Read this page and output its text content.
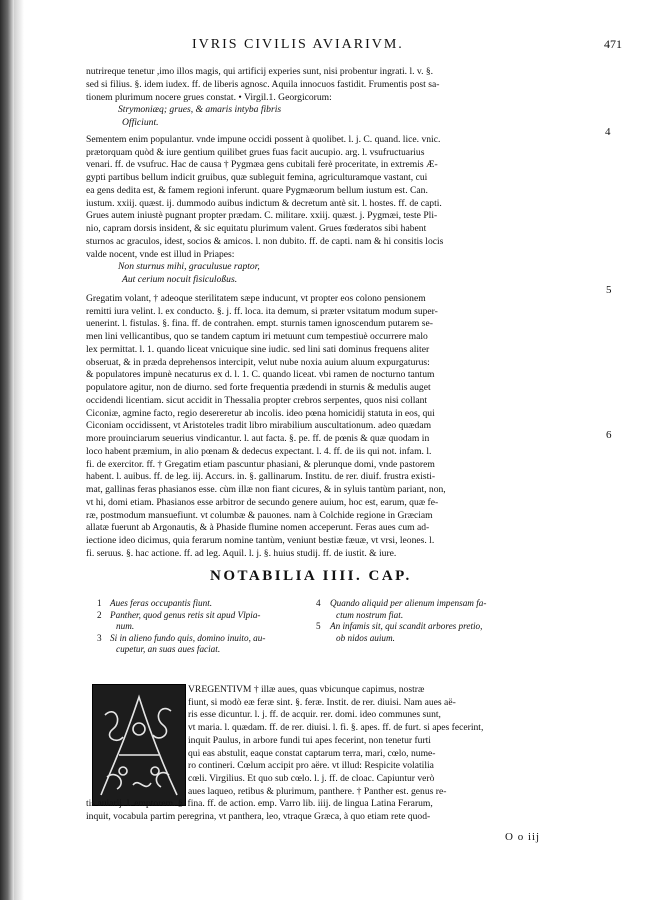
IVRIS CIVILIS AVIARIVM.	471
nutrireque tenetur ,imo illos magis, qui artificij experies sunt, nisi probentur ingrati. l. v. §.
sed si filius. §. idem iudex. ff. de liberis agnosc. Aquila innocuos fastidit. Frumentis post sa-
tionem plurimum nocere grues constat. • Virgil.1. Georgicorum:
Strymoniæq; grues, & amaris intyba fibris
Officiunt.
Sementem enim populantur. vnde impune occidi possent à quolibet. l. j. C. quand. lice. vnic.
prætorquam quòd & iure gentium quilibet grues fuas facit aucupio. arg. l. vsufructuarius
venari. ff. de vsufruc. Hac de causa † Pygmæa gens cubitali ferè proceritate, in extremis Æ-
gypti partibus bellum indicit gruibus, quæ subleguit femina, agriculturamque vastant, cui
ea gens dedita est, & famem regioni inferunt. quare Pygmæorum bellum iustum est. Can.
iustum. xxiij. quæst. ij. dummodo auibus indictum & decretum antè sit. l. hostes. ff. de capti.
Grues autem iniustè pugnant propter prædam. C. militare. xxiij. quæst. j. Pygmæi, teste Pli-
nio, capram dorsis insident, & sic equitatu plurimum valent. Grues fœderatos sibi habent
sturnos ac graculos, idest, socios & amicos. l. non dubito. ff. de capti. nam & hi consitis locis
valde nocent, vnde est illud in Priapes:
Non sturnus mihi, graculusue raptor,
Aut cerium nocuit fisiculoßus.
Gregatim volant, † adeoque sterilitatem sæpe inducunt, vt propter eos colono pensionem
remitti iura velint. l. ex conducto. §. j. ff. loca. ita demum, si præter vsitatum modum super-
uenerint. l. fistulas. §. fina. ff. de contrahen. empt. sturnis tamen ignoscendum putarem se-
men lini vellicantibus, quo se tandem captum iri metuunt cum tempestiuè occurrere malo
lex permittat. l. 1. quando liceat vnicuique sine iudic. sed lini sati dominus frequens aliter
obseruat, & in præda deprehensos intercipit, velut nube noxia auium aluum expurgaturus:
& populatores impunè necaturus ex d. l. 1. C. quando liceat. vbi ramen de nocturno tantum
populatore agitur, non de diurno. sed forte frequentia prædendi in sturnis & medulis auget
occidendi licentiam. sicut accidit in Thessalia propter crebros serpentes, quos nisi collant
Ciconiæ, agmine facto, regio desereretur ab incolis. ideo pœna homicidij statuta in eos, qui
Ciconiam occidissent, vt Aristoteles tradit libro mirabilium auscultationum. adeo quædam
more prouinciarum seuerius vindicantur. l. aut facta. §. pe. ff. de pœnis & quæ quodam in
loco habent præmium, in alio pœnam & dedecus expectant. l. 4. ff. de iis qui not. infam. l.
fi. de exercitor. ff. † Gregatim etiam pascuntur phasiani, & plerunque domi, vnde pastorem
habent. l. auibus. ff. de leg. iij. Accurs. in. §. gallinarum. Institu. de rer. diuif. frustra existi-
mat, gallinas feras phasianos esse. cùm illæ non fiant cicures, & in syluis tantùm pariant, non,
vt hi, domi etiam. Phasianos esse arbitror de secundo genere auium, hoc est, earum, quæ fe-
ræ, postmodum mansuefiunt. vt columbæ & pauones. nam à Colchide regione in Græciam
allatæ fuerunt ab Argonautis, & à Phaside flumine nomen acceperunt. Feras aues cum ad-
iectione ideo dicimus, quia ferarum nomine tantùm, veniunt bestiæ fæuæ, vt vrsi, leones. l.
fi. seruus. §. hac actione. ff. ad leg. Aquil. l. j. §. huius studij. ff. de iustit. & iure.
4
5
6
NOTABILIA IIII. CAP.
1 Aues feras occupantis fiunt.
2 Panther, quod genus retis sit apud Vlpia-
num.
3 Si in alieno fundo quis, domino inuito, au-
cupetur, an suas aues faciat.
4 Quando aliquid per alienum impensam fa-
ctum nostrum fiat.
5 An infamis sit, qui scandit arbores pretio,
ob nidos auium.
VREGENTIVM † illæ aues, quas vbicunque capimus, nostræ
fiunt, si modò eæ feræ sint. §. feræ. Instit. de rer. diuisi. Nam aues aë-
ris esse dicuntur. l. j. ff. de acquir. rer. domi. ideo communes sunt,
vt maria. l. quædam. ff. de rer. diuisi. l. fi. §. apes. ff. de furt. si apes fecerint,
inquit Paulus, in arbore fundi tui apes fecerint, non tenetur furti
qui eas abstulit, eaque constat captarum terra, mari, cœlo, nume-
ro contineri. Cœlum accipit pro aëre. vt illud: Respicite volatilia
cœli. Virgilius. Et quo sub cœlo. l. j. ff. de cloac. Capiuntur verò
aues laqueo, retibus & plurimum, panthere. † Panther est. genus re-
tis auiarij. l. emptorem. §. fina. ff. de action. emp. Varro lib. iiij. de lingua Latina Ferarum,
inquit, vocabula partim peregrina, vt panthera, leo, vtraque Græca, à quo etiam rete quod-
O o iij
